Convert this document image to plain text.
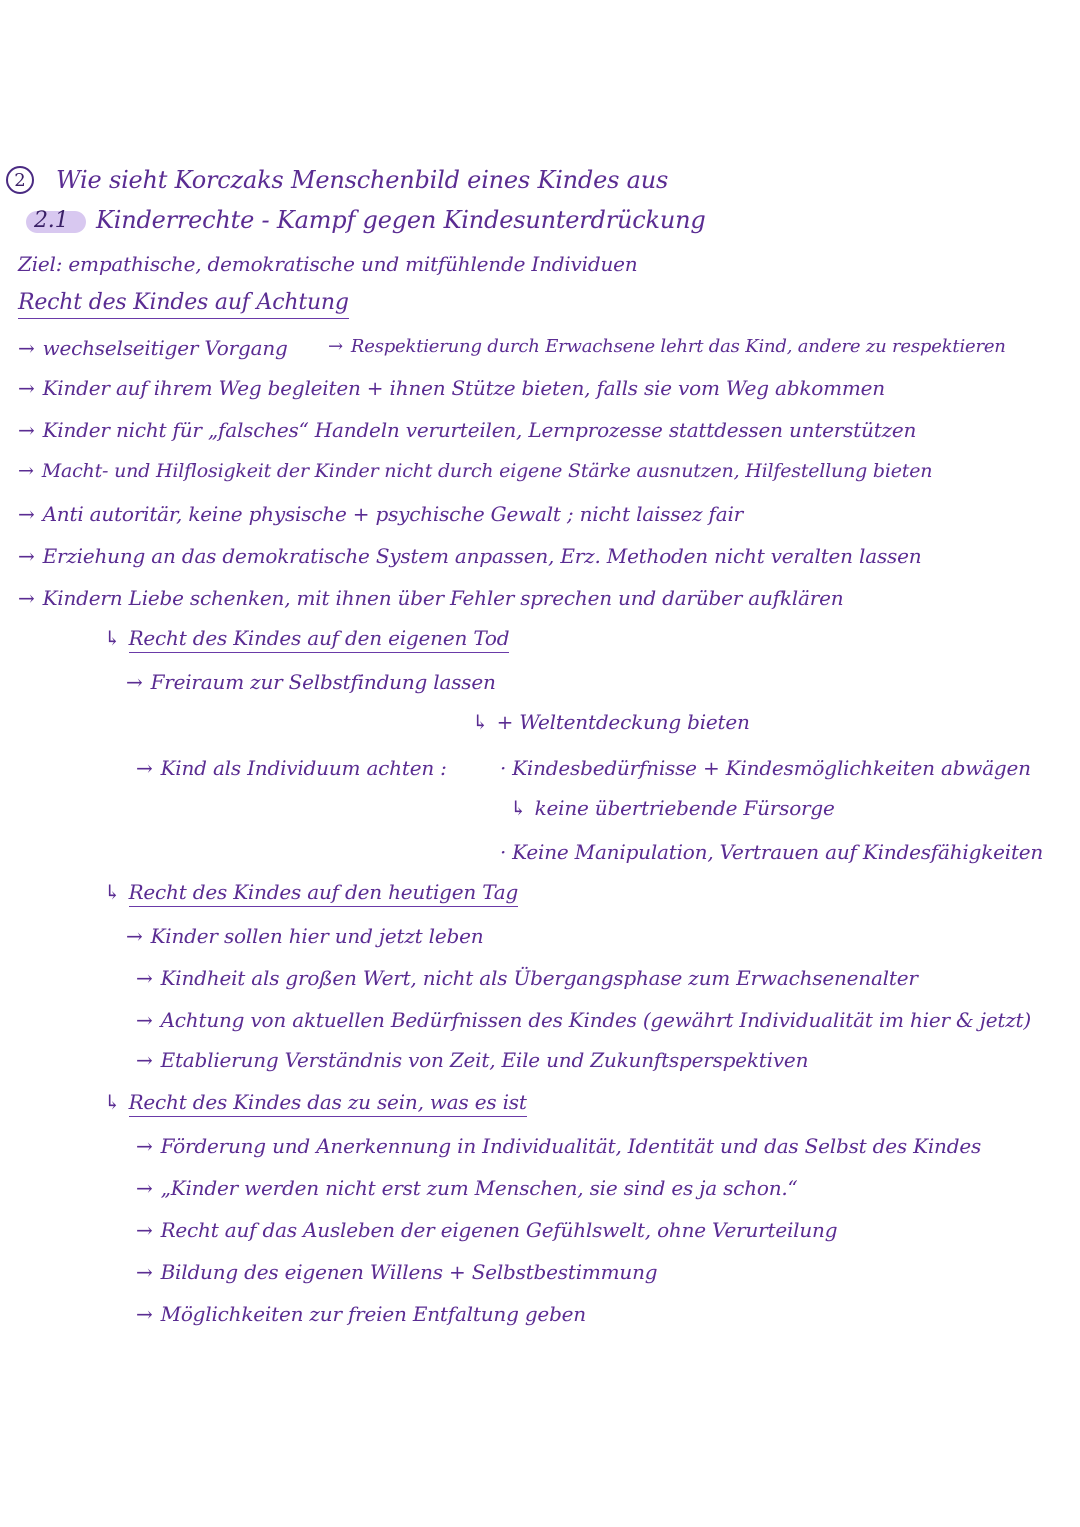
2 Wie sieht Korczaks Menschenbild eines Kindes aus
2.1 Kinderrechte - Kampf gegen Kindesunterdrückung
Ziel: empathische, demokratische und mitfühlende Individuen
Recht des Kindes auf Achtung
→ wechselseitiger Vorgang → Respektierung durch Erwachsene lehrt das Kind, andere zu respektieren
→ Kinder auf ihrem Weg begleiten + ihnen Stütze bieten, falls sie vom Weg abkommen
→ Kinder nicht für „falsches“ Handeln verurteilen, Lernprozesse stattdessen unterstützen
→ Macht- und Hilflosigkeit der Kinder nicht durch eigene Stärke ausnutzen, Hilfestellung bieten
→ Anti autoritär, keine physische + psychische Gewalt ; nicht laissez fair
→ Erziehung an das demokratische System anpassen, Erz. Methoden nicht veralten lassen
→ Kindern Liebe schenken, mit ihnen über Fehler sprechen und darüber aufklären
↳ Recht des Kindes auf den eigenen Tod
→ Freiraum zur Selbstfindung lassen
↳ + Weltentdeckung bieten
→ Kind als Individuum achten :	· Kindesbedürfnisse + Kindesmöglichkeiten abwägen
↳ keine übertriebende Fürsorge
· Keine Manipulation, Vertrauen auf Kindesfähigkeiten
↳ Recht des Kindes auf den heutigen Tag
→ Kinder sollen hier und jetzt leben
→ Kindheit als großen Wert, nicht als Übergangsphase zum Erwachsenenalter
→ Achtung von aktuellen Bedürfnissen des Kindes (gewährt Individualität im hier & jetzt)
→ Etablierung Verständnis von Zeit, Eile und Zukunftsperspektiven
↳ Recht des Kindes das zu sein, was es ist
→ Förderung und Anerkennung in Individualität, Identität und das Selbst des Kindes
→ „Kinder werden nicht erst zum Menschen, sie sind es ja schon.“
→ Recht auf das Ausleben der eigenen Gefühlswelt, ohne Verurteilung
→ Bildung des eigenen Willens + Selbstbestimmung
→ Möglichkeiten zur freien Entfaltung geben
